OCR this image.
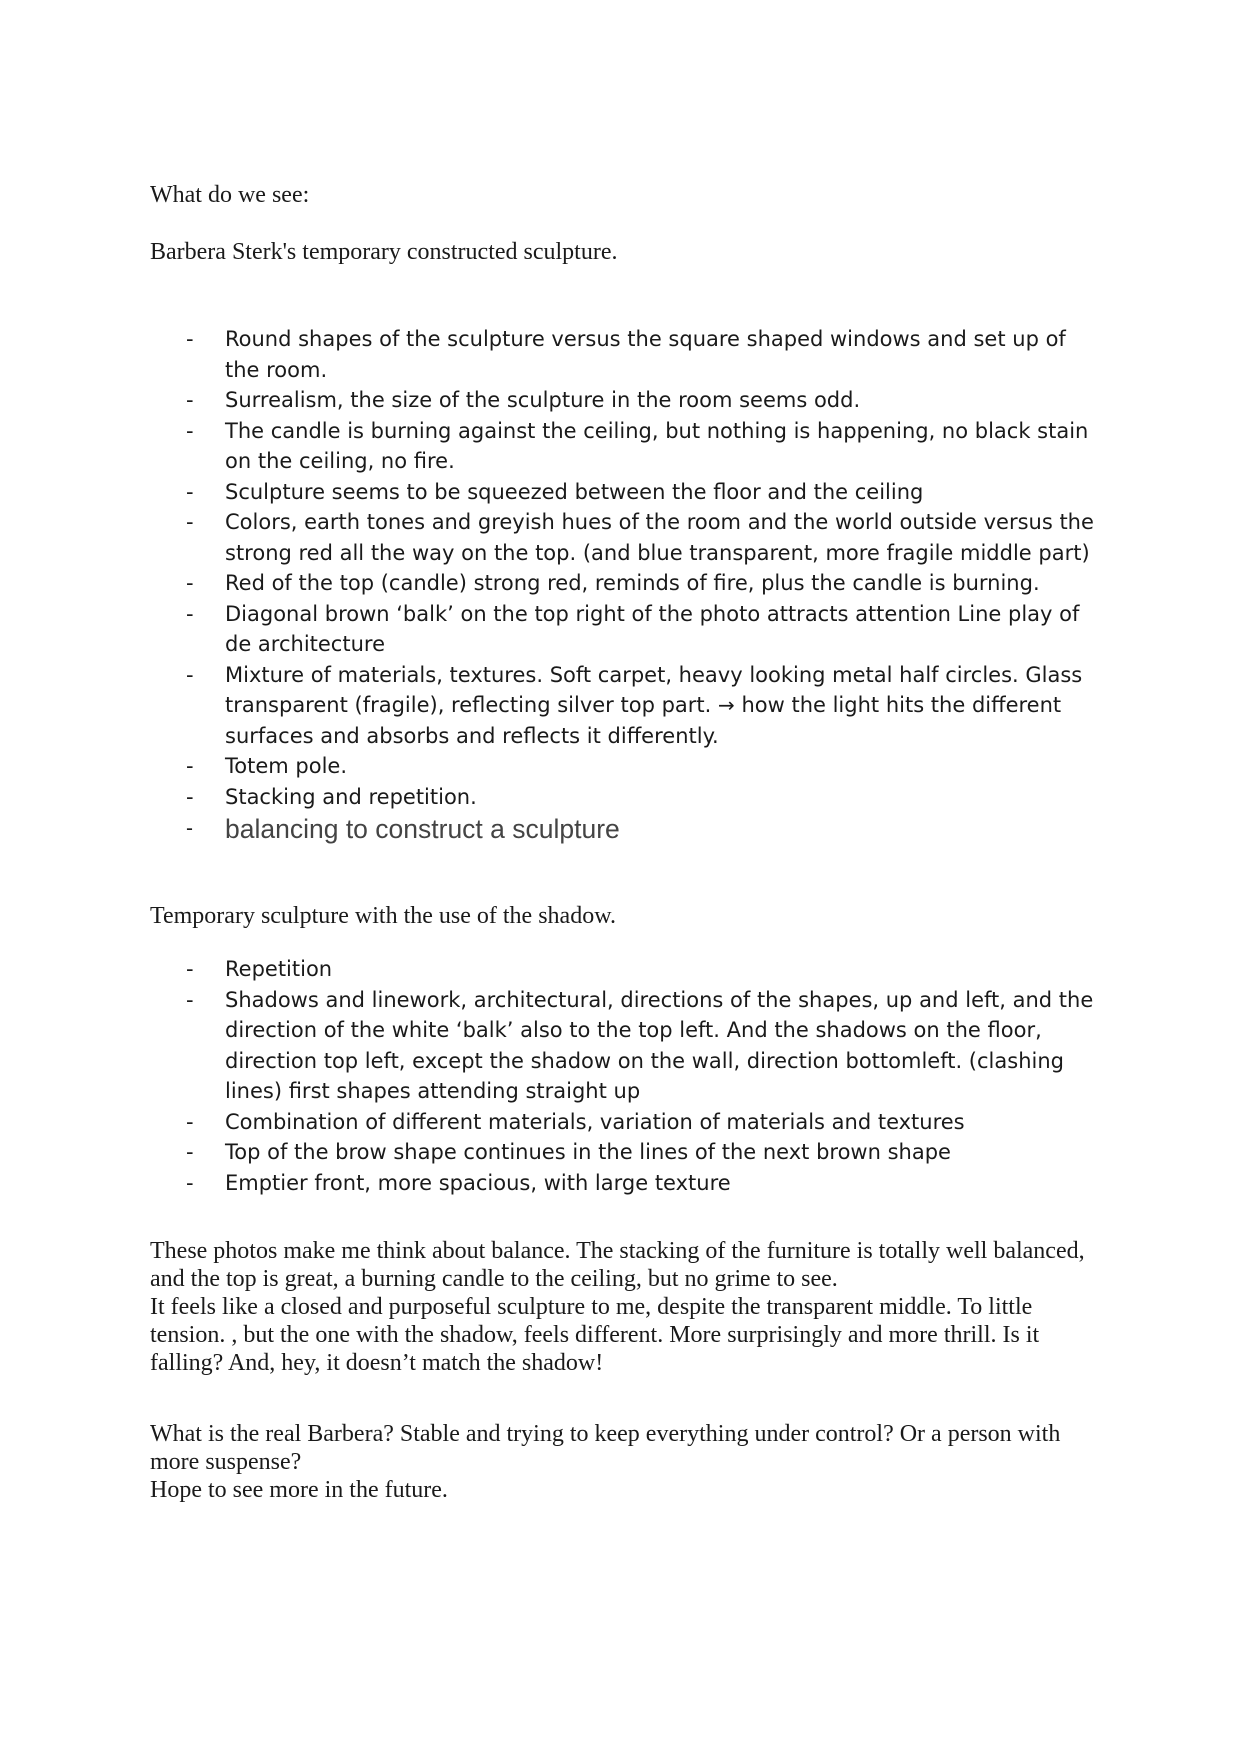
What do we see:

Barbera Sterk's temporary constructed sculpture.

- Round shapes of the sculpture versus the square shaped windows and set up of the room.
- Surrealism, the size of the sculpture in the room seems odd.
- The candle is burning against the ceiling, but nothing is happening, no black stain on the ceiling, no fire.
- Sculpture seems to be squeezed between the floor and the ceiling
- Colors, earth tones and greyish hues of the room and the world outside versus the strong red all the way on the top. (and blue transparent, more fragile middle part)
- Red of the top (candle) strong red, reminds of fire, plus the candle is burning.
- Diagonal brown ‘balk’ on the top right of the photo attracts attention Line play of de architecture
- Mixture of materials, textures. Soft carpet, heavy looking metal half circles. Glass transparent (fragile), reflecting silver top part. → how the light hits the different surfaces and absorbs and reflects it differently.
- Totem pole.
- Stacking and repetition.
- balancing to construct a sculpture

Temporary sculpture with the use of the shadow.

- Repetition
- Shadows and linework, architectural, directions of the shapes, up and left, and the direction of the white ‘balk’ also to the top left. And the shadows on the floor, direction top left, except the shadow on the wall, direction bottomleft. (clashing lines) first shapes attending straight up
- Combination of different materials, variation of materials and textures
- Top of the brow shape continues in the lines of the next brown shape
- Emptier front, more spacious, with large texture
These photos make me think about balance. The stacking of the furniture is totally well balanced, and the top is great, a burning candle to the ceiling, but no grime to see.
It feels like a closed and purposeful sculpture to me, despite the transparent middle. To little tension. , but the one with the shadow, feels different. More surprisingly and more thrill. Is it falling? And, hey, it doesn’t match the shadow!
What is the real Barbera? Stable and trying to keep everything under control? Or a person with more suspense?
Hope to see more in the future.
